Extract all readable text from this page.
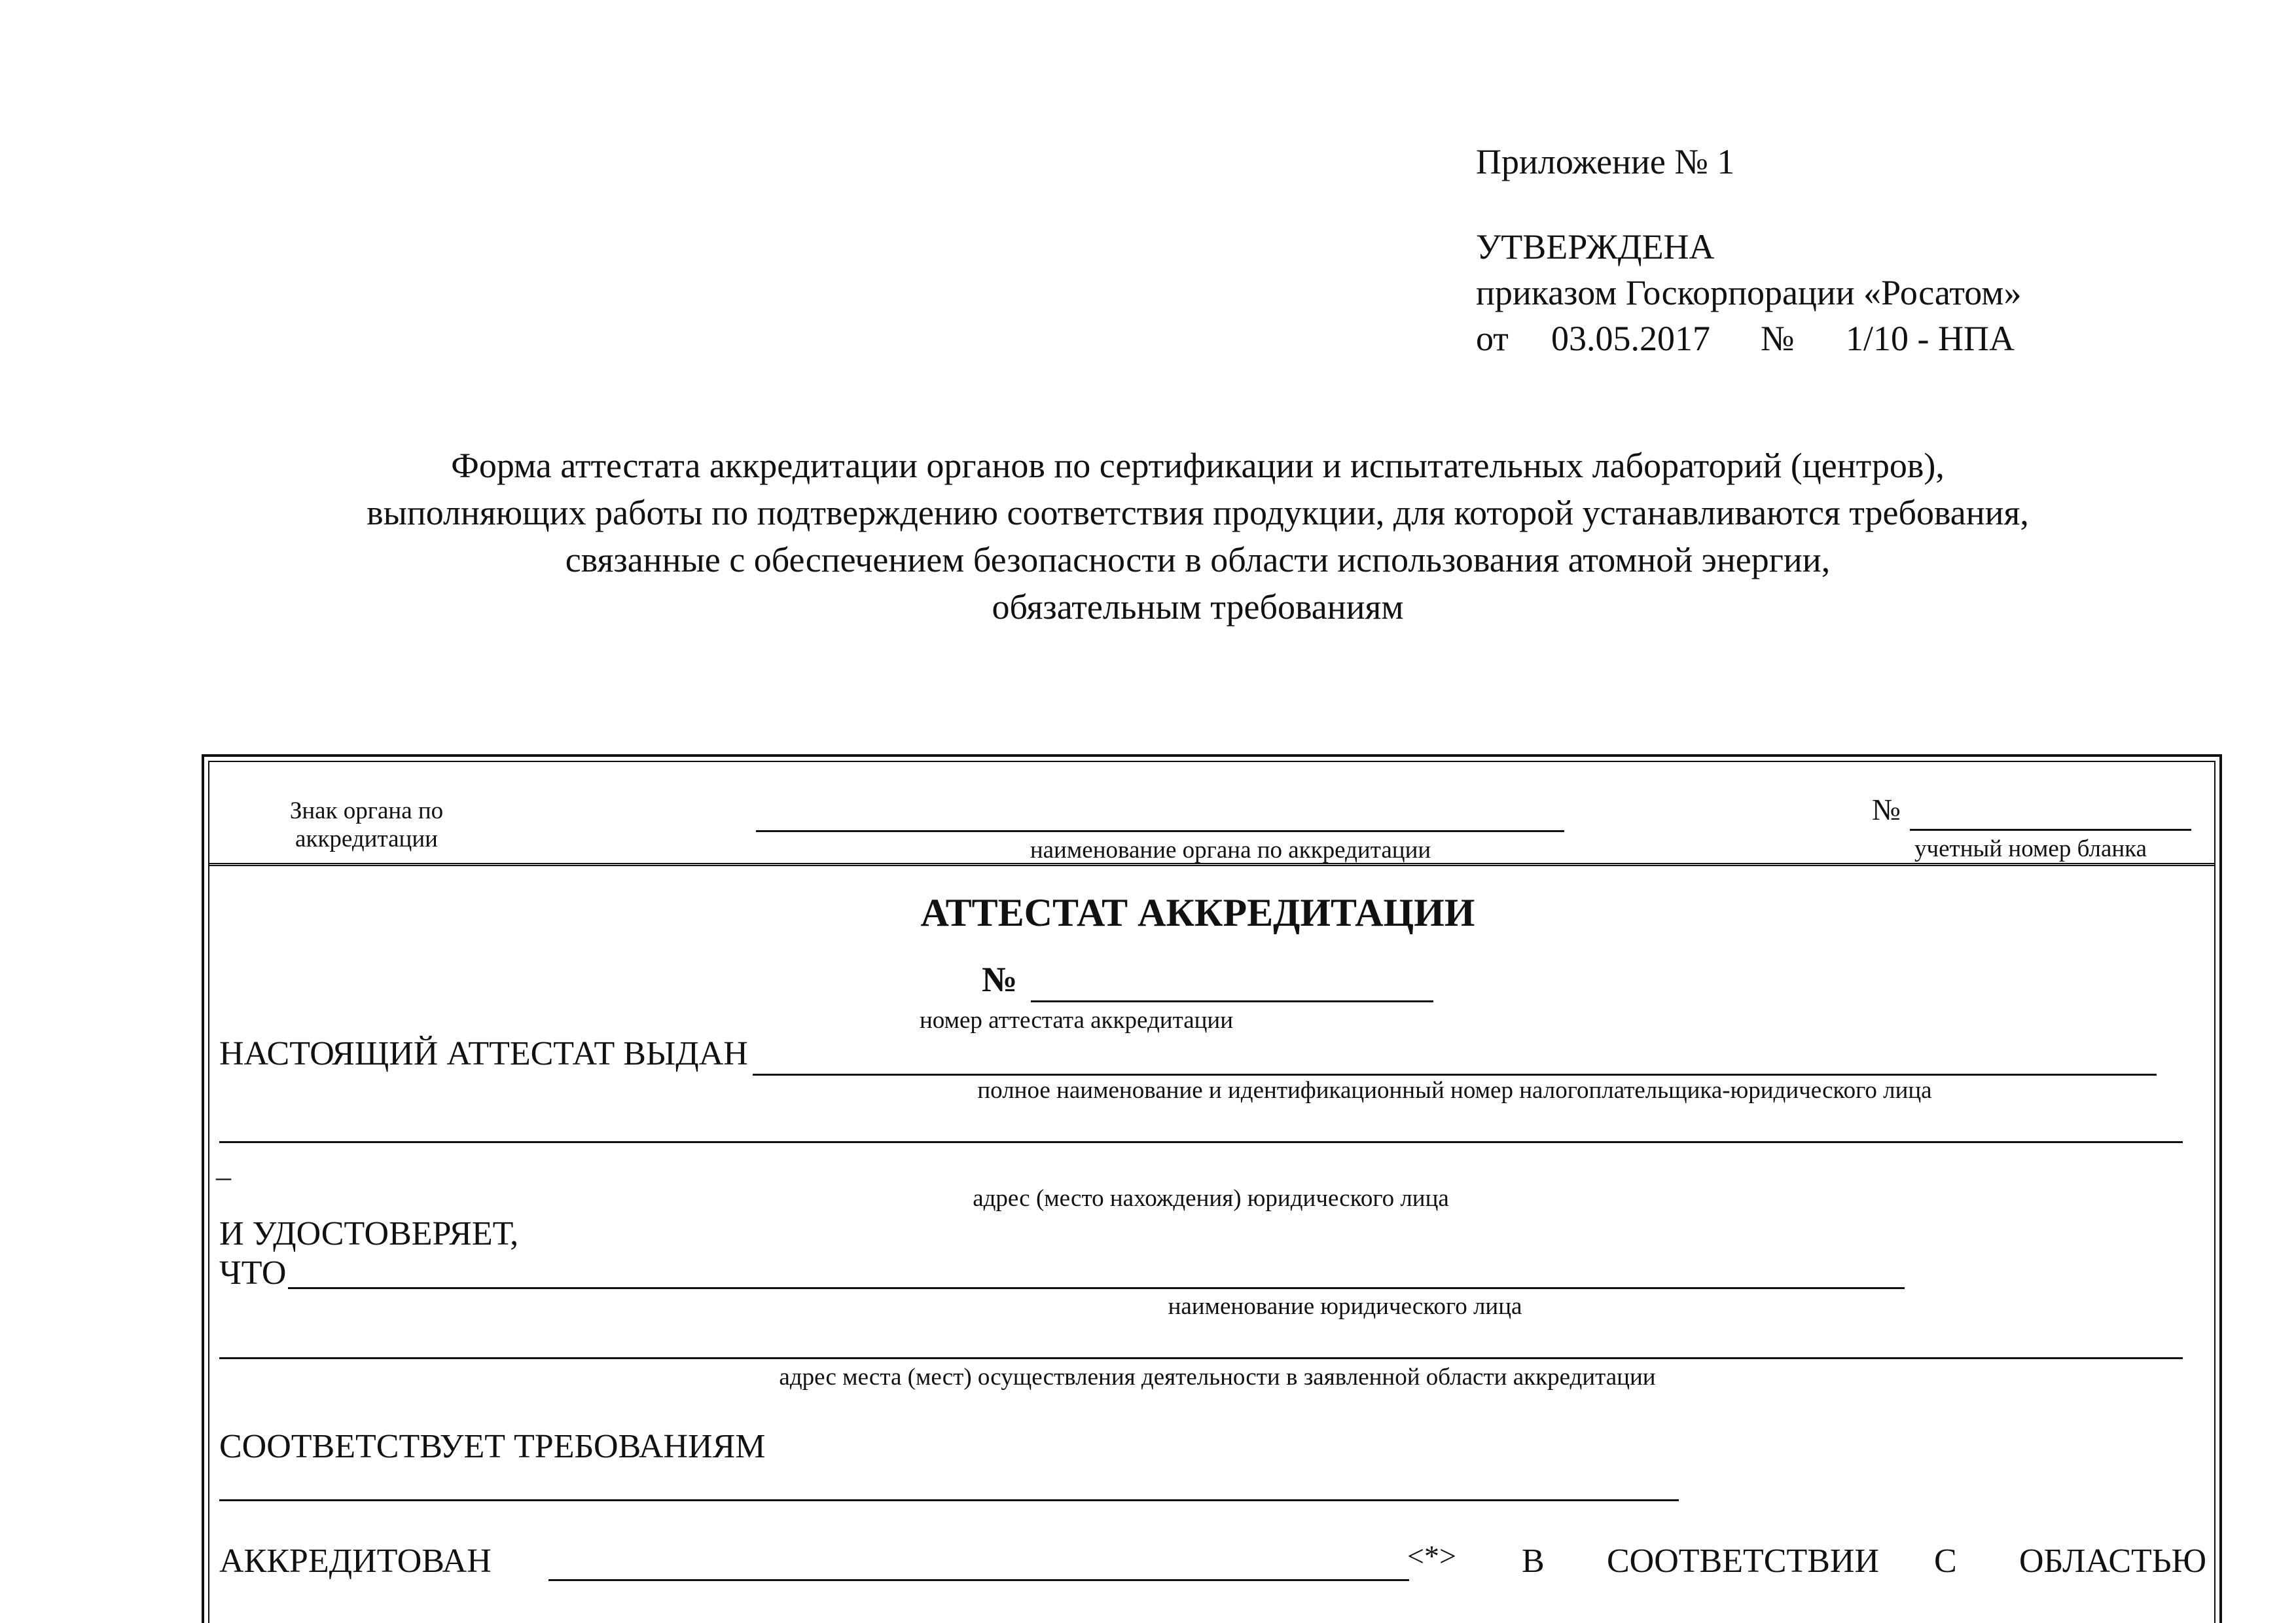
Приложение № 1
УТВЕРЖДЕНА
приказом Госкорпорации «Росатом»
от 03.05.2017 № 1/10 - НПА
Форма аттестата аккредитации органов по сертификации и испытательных лабораторий (центров),
выполняющих работы по подтверждению соответствия продукции, для которой устанавливаются требования,
связанные с обеспечением безопасности в области использования атомной энергии,
обязательным требованиям
Знак органа по
аккредитации	наименование органа по аккредитации
№
учетный номер бланка
АТТЕСТАТ АККРЕДИТАЦИИ
№
номер аттестата аккредитации
НАСТОЯЩИЙ АТТЕСТАТ ВЫДАН
полное наименование и идентификационный номер налогоплательщика-юридического лица
–
адрес (место нахождения) юридического лица
И УДОСТОВЕРЯЕТ,
ЧТО
наименование юридического лица
адрес места (мест) осуществления деятельности в заявленной области аккредитации
СООТВЕТСТВУЕТ ТРЕБОВАНИЯМ
АККРЕДИТОВАН	<*> В СООТВЕТСТВИИ С ОБЛАСТЬЮ
